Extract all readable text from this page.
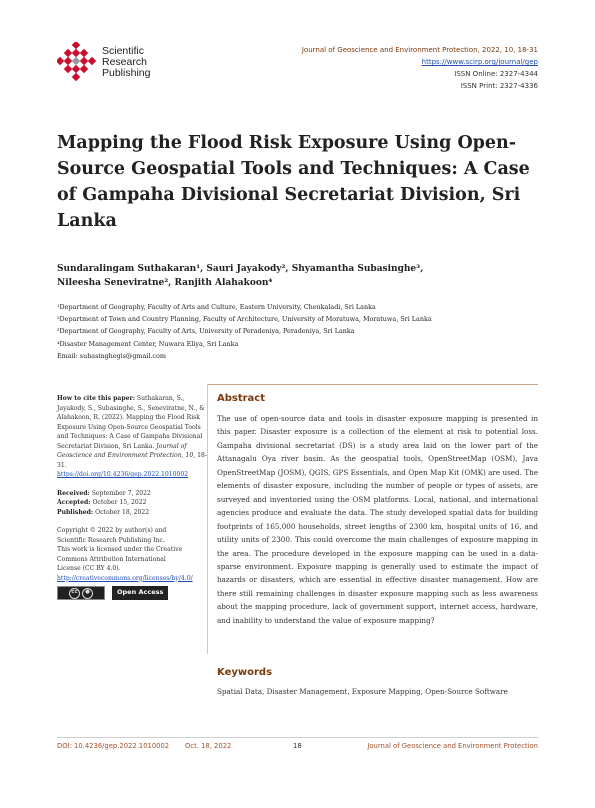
Scientific
Research
Publishing
Journal of Geoscience and Environment Protection, 2022, 10, 18-31
https://www.scirp.org/journal/gep
ISSN Online: 2327-4344
ISSN Print: 2327-4336
Mapping the Flood Risk Exposure Using Open-Source Geospatial Tools and Techniques: A Case of Gampaha Divisional Secretariat Division, Sri Lanka
Sundaralingam Suthakaran¹, Sauri Jayakody², Shyamantha Subasinghe³,
Nileesha Seneviratne², Ranjith Alahakoon⁴
¹Department of Geography, Faculty of Arts and Culture, Eastern University, Chenkaladi, Sri Lanka
²Department of Town and Country Planning, Faculty of Architecture, University of Moratuwa, Moratuwa, Sri Lanka
³Department of Geography, Faculty of Arts, University of Peradeniya, Peradeniya, Sri Lanka
⁴Disaster Management Center, Nuwara Eliya, Sri Lanka
Email: subasinghegis@gmail.com

How to cite this paper: Suthakaran, S., Jayakody, S., Subasinghe, S., Seneviratne, N., & Alahakoon, R. (2022). Mapping the Flood Risk Exposure Using Open-Source Geospatial Tools and Techniques: A Case of Gampaha Divisional Secretariat Division, Sri Lanka. Journal of Geoscience and Environment Protection, 10, 18-31.
https://doi.org/10.4236/gep.2022.1010002

Received: September 7, 2022

Accepted: October 15, 2022

Published: October 18, 2022

Copyright © 2022 by author(s) and

Scientific Research Publishing Inc.

This work is licensed under the Creative

Commons Attribution International

License (CC BY 4.0).

http://creativecommons.org/licenses/by/4.0/

cc	●	Open Access
Abstract
The use of open-source data and tools in disaster exposure mapping is presented in this paper. Disaster exposure is a collection of the element at risk to potential loss. Gampaha divisional secretariat (DS) is a study area laid on the lower part of the Attanagalu Oya river basin. As the geospatial tools, OpenStreetMap (OSM), Java OpenStreetMap (JOSM), QGIS, GPS Essentials, and Open Map Kit (OMK) are used. The elements of disaster exposure, including the number of people or types of assets, are surveyed and inventoried using the OSM platforms. Local, national, and international agencies produce and evaluate the data. The study developed spatial data for building footprints of 165,000 households, street lengths of 2300 km, hospital units of 16, and utility units of 2300. This could overcome the main challenges of exposure mapping in the area. The procedure developed in the exposure mapping can be used in a data-sparse environment. Exposure mapping is generally used to estimate the impact of hazards or disasters, which are essential in effective disaster management. How are there still remaining challenges in disaster exposure mapping such as less awareness about the mapping procedure, lack of government support, internet access, hardware, and inability to understand the value of exposure mapping?
Keywords
Spatial Data, Disaster Management, Exposure Mapping, Open-Source Software
DOI: 10.4236/gep.2022.1010002 Oct. 18, 2022	18	Journal of Geoscience and Environment Protection
